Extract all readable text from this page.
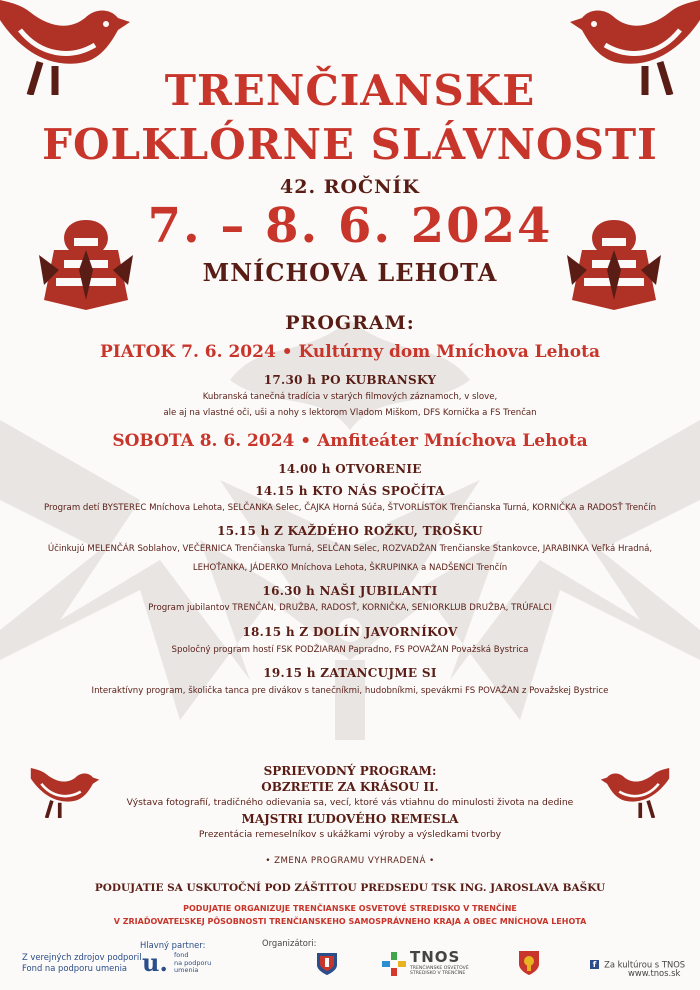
TRENČIANSKE
FOLKLÓRNE SLÁVNOSTI
42. ROČNÍK
7. – 8. 6. 2024
MNÍCHOVA LEHOTA
PROGRAM:
PIATOK 7. 6. 2024 • Kultúrny dom Mníchova Lehota
17.30 h PO KUBRANSKY
Kubranská tanečná tradícia v starých filmových záznamoch, v slove,
ale aj na vlastné oči, uši a nohy s lektorom Vladom Miškom, DFS Kornička a FS Trenčan
SOBOTA 8. 6. 2024 • Amfiteáter Mníchova Lehota
14.00 h OTVORENIE
14.15 h KTO NÁS SPOČÍTA
Program detí BYSTEREC Mníchova Lehota, SELČANKA Selec, ČAJKA Horná Súča, ŠTVORLÍSTOK Trenčianska Turná, KORNIČKA a RADOSŤ Trenčín
15.15 h Z KAŽDÉHO ROŽKU, TROŠKU
Účinkujú MELENČÁR Soblahov, VEČERNICA Trenčianska Turná, SELČAN Selec, ROZVADŽAN Trenčianske Stankovce, JARABINKA Veľká Hradná,
LEHOŤANKA, JÁDERKO Mníchova Lehota, ŠKRUPINKA a NADŠENCI Trenčín
16.30 h NAŠI JUBILANTI
Program jubilantov TRENČAN, DRUŽBA, RADOSŤ, KORNIČKA, SENIORKLUB DRUŽBA, TRÚFALCI
18.15 h Z DOLÍN JAVORNÍKOV
Spoločný program hostí FSK PODŽIARAN Papradno, FS POVAŽAN Považská Bystrica
19.15 h ZATANCUJME SI
Interaktívny program, školička tanca pre divákov s tanečníkmi, hudobníkmi, spevákmi FS POVAŽAN z Považskej Bystrice
SPRIEVODNÝ PROGRAM:
OBZRETIE ZA KRÁSOU II.
Výstava fotografií, tradičného odievania sa, vecí, ktoré vás vtiahnu do minulosti života na dedine
MAJSTRI ĽUDOVÉHO REMESLA
Prezentácia remeselníkov s ukážkami výroby a výsledkami tvorby
• ZMENA PROGRAMU VYHRADENÁ •
PODUJATIE SA USKUTOČNÍ POD ZÁŠTITOU PREDSEDU TSK ING. JAROSLAVA BAŠKU
PODUJATIE ORGANIZUJE TRENČIANSKE OSVETOVÉ STREDISKO V TRENČÍNE
V ZRIAĎOVATEĽSKEJ PÔSOBNOSTI TRENČIANSKEHO SAMOSPRÁVNEHO KRAJA A OBEC MNÍCHOVA LEHOTA
Z verejných zdrojov podporil
Fond na podporu umenia
Hlavný partner:
u. fond
na podporu
umenia
Organizátori:
TNOS
TRENČIANSKE OSVETOVÉ
STREDISKO V TRENČÍNE
f Za kultúrou s TNOS
www.tnos.sk
